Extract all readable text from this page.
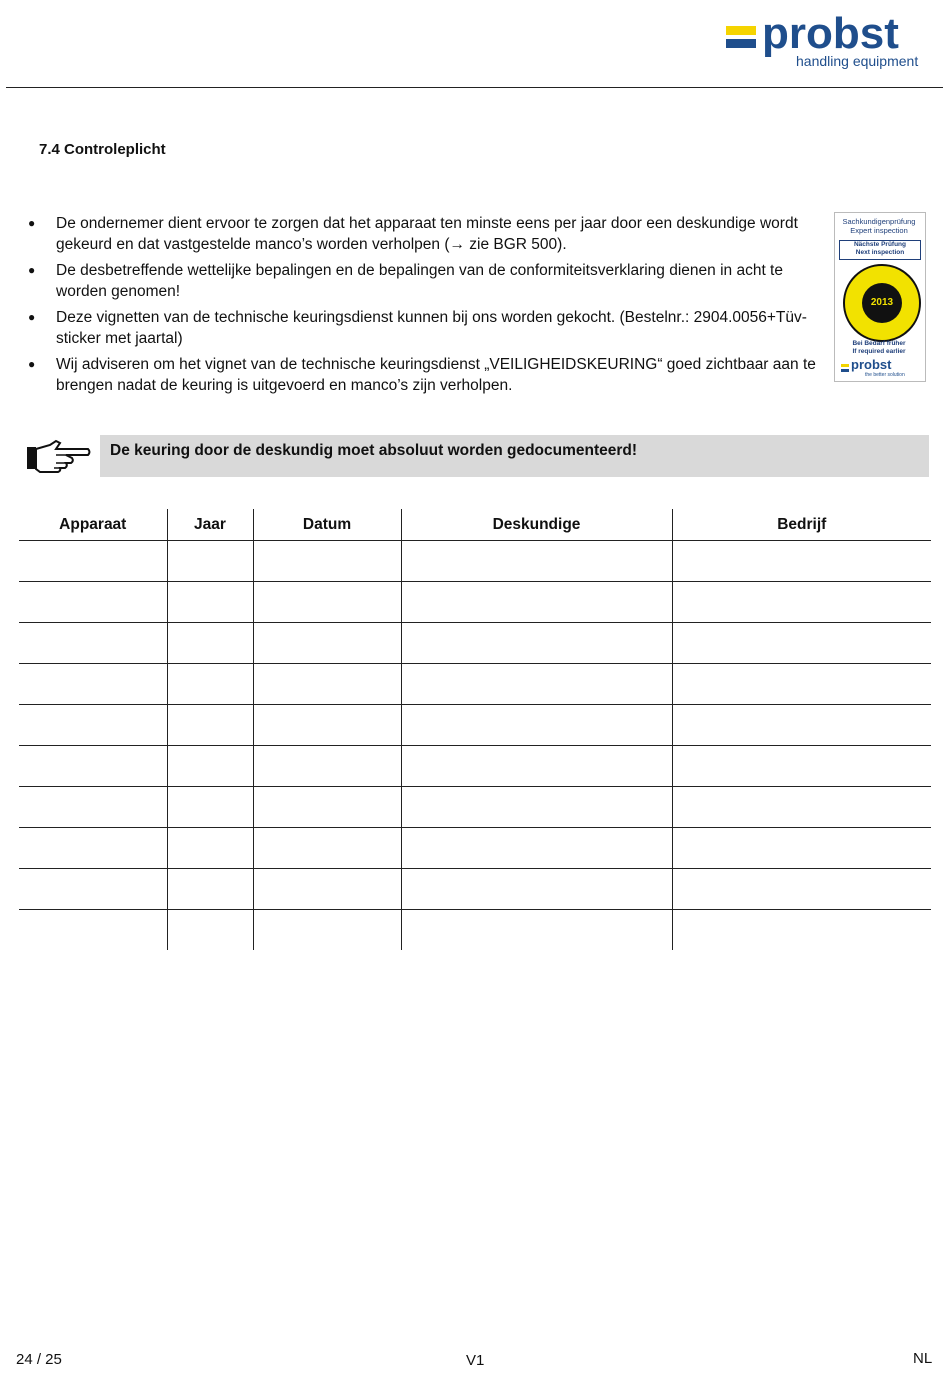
probst
handling equipment
7.4 Controleplicht
● De ondernemer dient ervoor te zorgen dat het apparaat ten minste eens per jaar door een deskundige wordt gekeurd en dat vastgestelde manco’s worden verholpen (→ zie BGR 500).
● De desbetreffende wettelijke bepalingen en de bepalingen van de conformiteitsverklaring dienen in acht te worden genomen!
● Deze vignetten van de technische keuringsdienst kunnen bij ons worden gekocht. (Bestelnr.: 2904.0056+Tüv-sticker met jaartal)
● Wij adviseren om het vignet van de technische keuringsdienst „VEILIGHEIDSKEURING“ goed zichtbaar aan te brengen nadat de keuring is uitgevoerd en manco’s zijn verholpen.
Sachkundigenprüfung
Expert inspection
Nächste Prüfung
Next inspection
2013
Bei Bedarf früher
If required earlier
probst
the better solution
De keuring door de deskundig moet absoluut worden gedocumenteerd!
Apparaat	Jaar	Datum	Deskundige	Bedrijf

24 / 25	V1	NL
